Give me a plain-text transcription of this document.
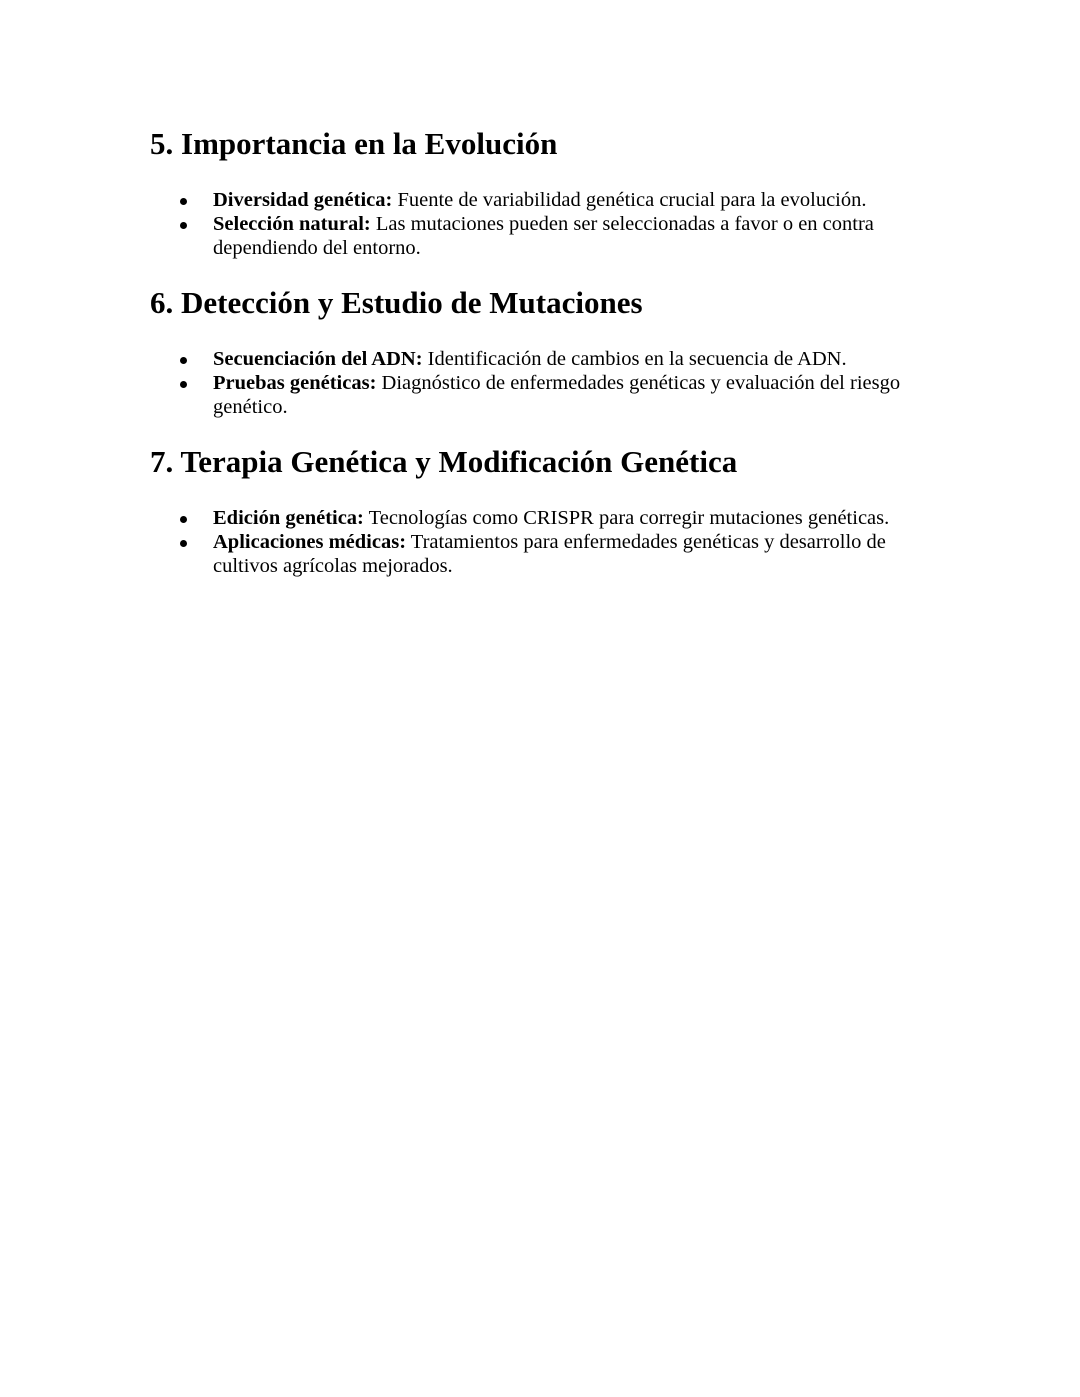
5. Importancia en la Evolución
Diversidad genética: Fuente de variabilidad genética crucial para la evolución.
Selección natural: Las mutaciones pueden ser seleccionadas a favor o en contra dependiendo del entorno.
6. Detección y Estudio de Mutaciones
Secuenciación del ADN: Identificación de cambios en la secuencia de ADN.
Pruebas genéticas: Diagnóstico de enfermedades genéticas y evaluación del riesgo genético.
7. Terapia Genética y Modificación Genética
Edición genética: Tecnologías como CRISPR para corregir mutaciones genéticas.
Aplicaciones médicas: Tratamientos para enfermedades genéticas y desarrollo de cultivos agrícolas mejorados.
